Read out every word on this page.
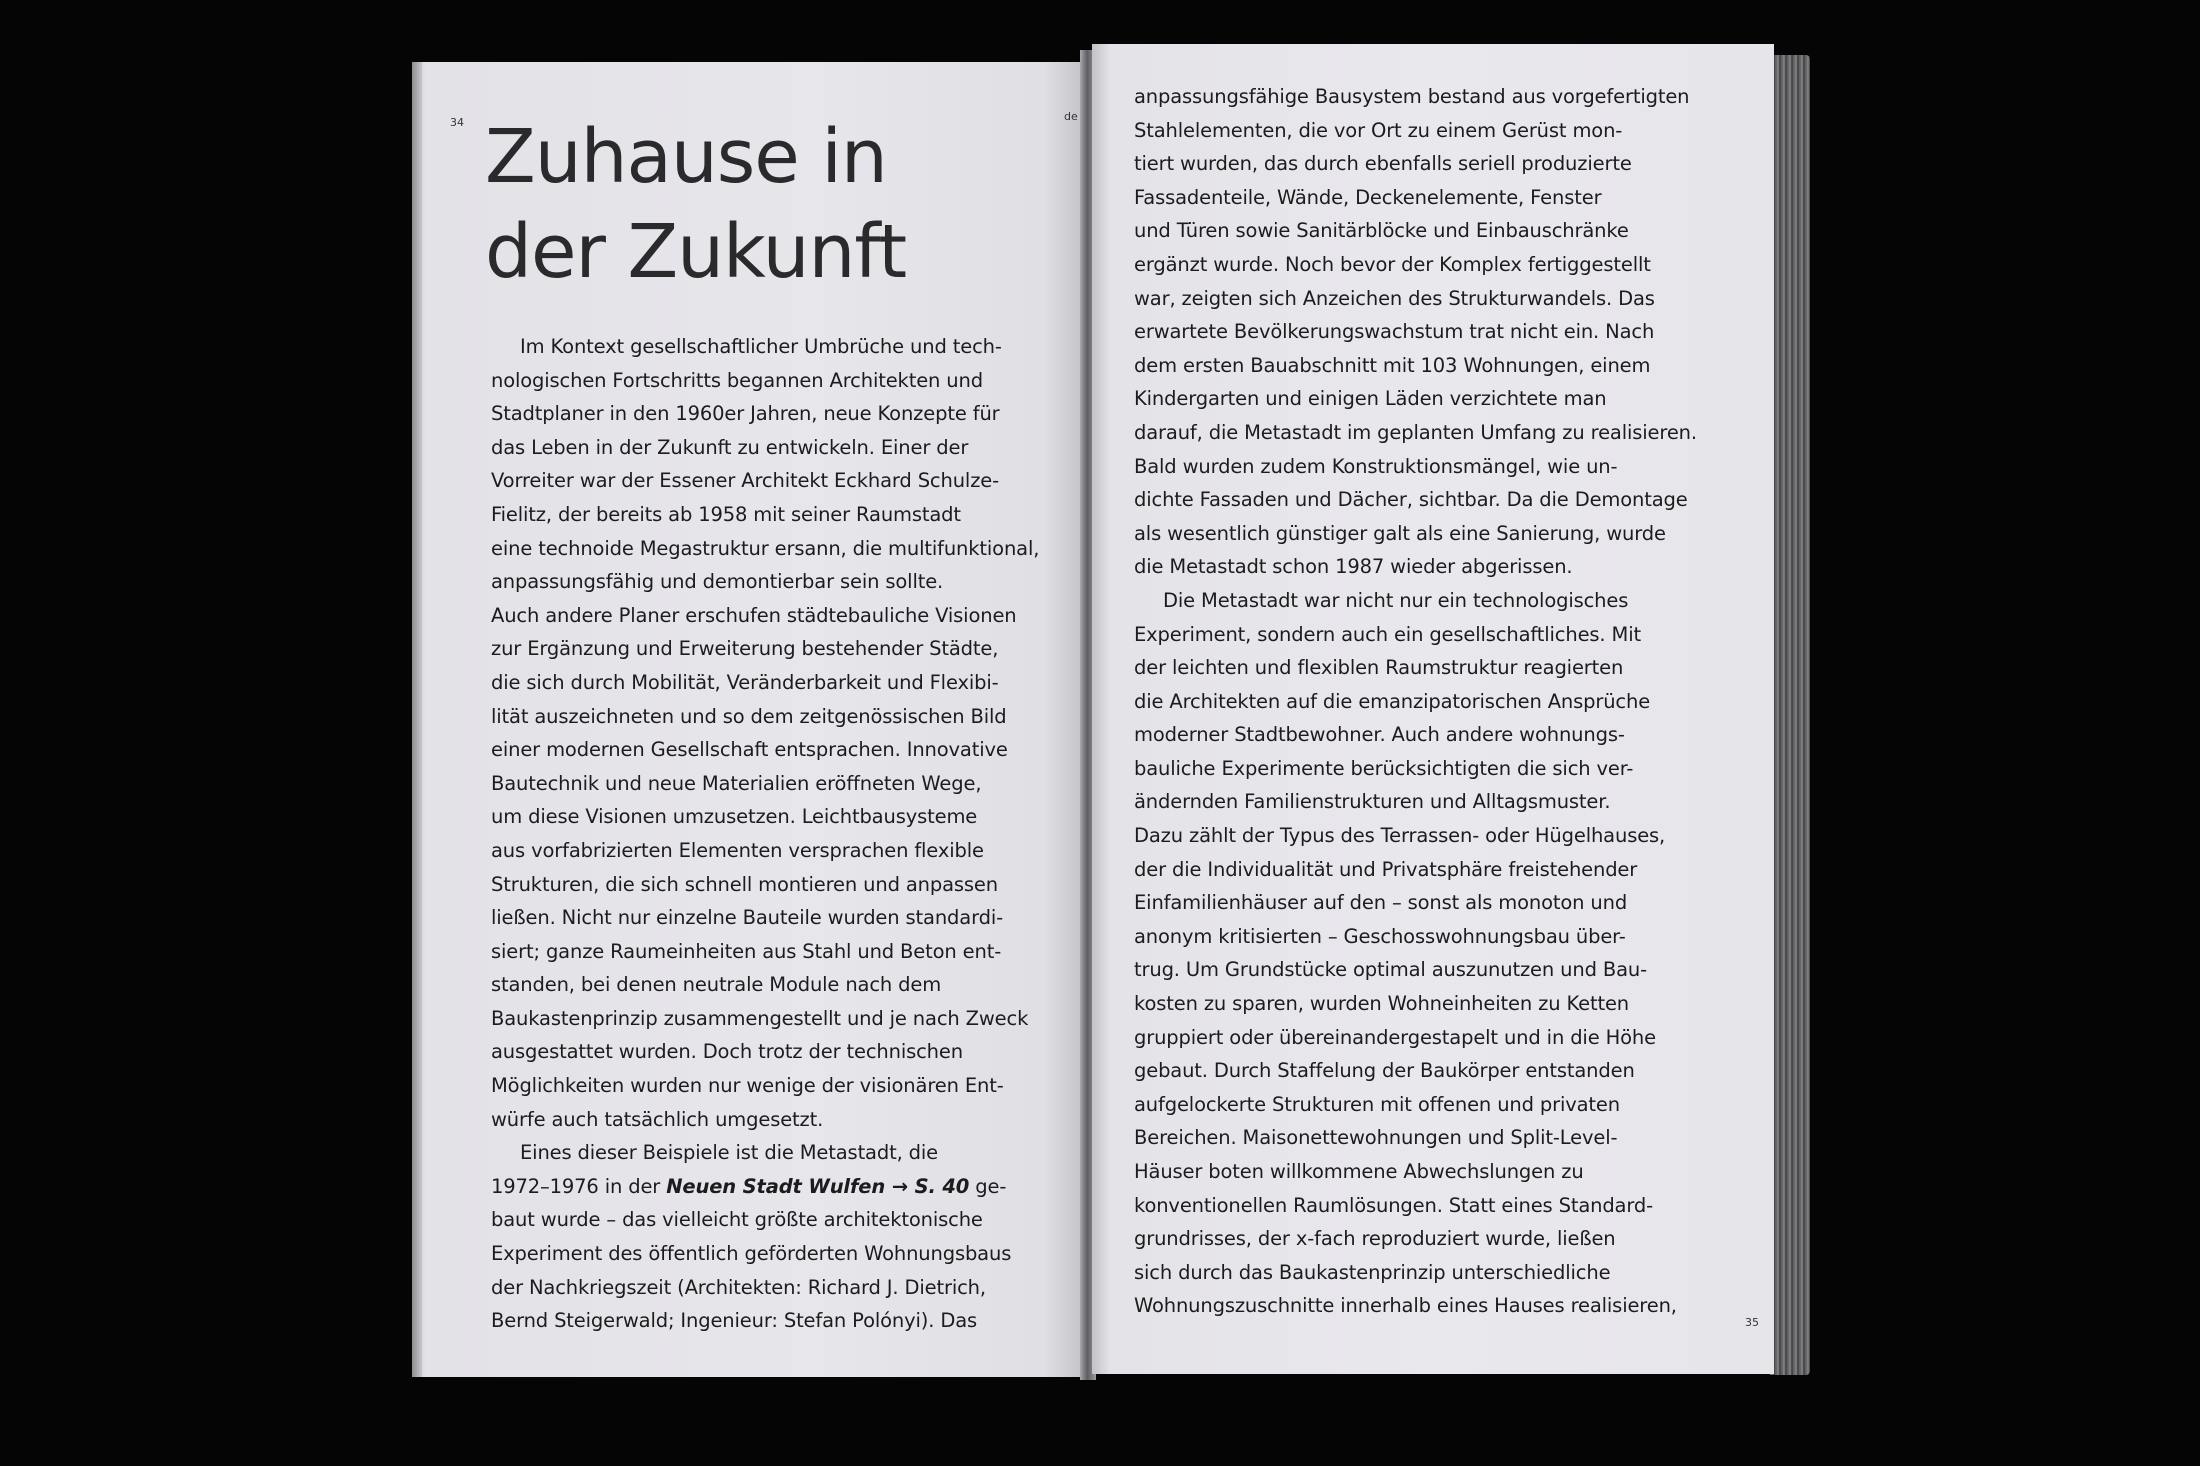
34 Zuhause in
der Zukunft
Im Kontext gesellschaftlicher Umbrüche und tech-
nologischen Fortschritts begannen Architekten und
Stadtplaner in den 1960er Jahren, neue Konzepte für
das Leben in der Zukunft zu entwickeln. Einer der
Vorreiter war der Essener Architekt Eckhard Schulze-
Fielitz, der bereits ab 1958 mit seiner Raumstadt
eine technoide Megastruktur ersann, die multifunktional,
anpassungsfähig und demontierbar sein sollte.
Auch andere Planer erschufen städtebauliche Visionen
zur Ergänzung und Erweiterung bestehender Städte,
die sich durch Mobilität, Veränderbarkeit und Flexibi-
lität auszeichneten und so dem zeitgenössischen Bild
einer modernen Gesellschaft entsprachen. Innovative
Bautechnik und neue Materialien eröffneten Wege,
um diese Visionen umzusetzen. Leichtbausysteme
aus vorfabrizierten Elementen versprachen flexible
Strukturen, die sich schnell montieren und anpassen
ließen. Nicht nur einzelne Bauteile wurden standardi-
siert; ganze Raumeinheiten aus Stahl und Beton ent-
standen, bei denen neutrale Module nach dem
Baukastenprinzip zusammengestellt und je nach Zweck
ausgestattet wurden. Doch trotz der technischen
Möglichkeiten wurden nur wenige der visionären Ent-
würfe auch tatsächlich umgesetzt.
Eines dieser Beispiele ist die Metastadt, die
1972–1976 in der Neuen Stadt Wulfen → S. 40 ge-
baut wurde – das vielleicht größte architektonische
Experiment des öffentlich geförderten Wohnungsbaus
der Nachkriegszeit (Architekten: Richard J. Dietrich,
Bernd Steigerwald; Ingenieur: Stefan Polónyi). Das
anpassungsfähige Bausystem bestand aus vorgefertigten
Stahlelementen, die vor Ort zu einem Gerüst mon-
tiert wurden, das durch ebenfalls seriell produzierte
Fassadenteile, Wände, Deckenelemente, Fenster
und Türen sowie Sanitärblöcke und Einbauschränke
ergänzt wurde. Noch bevor der Komplex fertiggestellt
war, zeigten sich Anzeichen des Strukturwandels. Das
erwartete Bevölkerungswachstum trat nicht ein. Nach
dem ersten Bauabschnitt mit 103 Wohnungen, einem
Kindergarten und einigen Läden verzichtete man
darauf, die Metastadt im geplanten Umfang zu realisieren.
Bald wurden zudem Konstruktionsmängel, wie un-
dichte Fassaden und Dächer, sichtbar. Da die Demontage
als wesentlich günstiger galt als eine Sanierung, wurde
die Metastadt schon 1987 wieder abgerissen.
Die Metastadt war nicht nur ein technologisches
Experiment, sondern auch ein gesellschaftliches. Mit
der leichten und flexiblen Raumstruktur reagierten
die Architekten auf die emanzipatorischen Ansprüche
moderner Stadtbewohner. Auch andere wohnungs-
bauliche Experimente berücksichtigten die sich ver-
ändernden Familienstrukturen und Alltagsmuster.
Dazu zählt der Typus des Terrassen- oder Hügelhauses,
der die Individualität und Privatsphäre freistehender
Einfamilienhäuser auf den – sonst als monoton und
anonym kritisierten – Geschosswohnungsbau über-
trug. Um Grundstücke optimal auszunutzen und Bau-
kosten zu sparen, wurden Wohneinheiten zu Ketten
gruppiert oder übereinandergestapelt und in die Höhe
gebaut. Durch Staffelung der Baukörper entstanden
aufgelockerte Strukturen mit offenen und privaten
Bereichen. Maisonettewohnungen und Split-Level-
Häuser boten willkommene Abwechslungen zu
konventionellen Raumlösungen. Statt eines Standard-
grundrisses, der x-fach reproduziert wurde, ließen
sich durch das Baukastenprinzip unterschiedliche
Wohnungszuschnitte innerhalb eines Hauses realisieren,
de
35
